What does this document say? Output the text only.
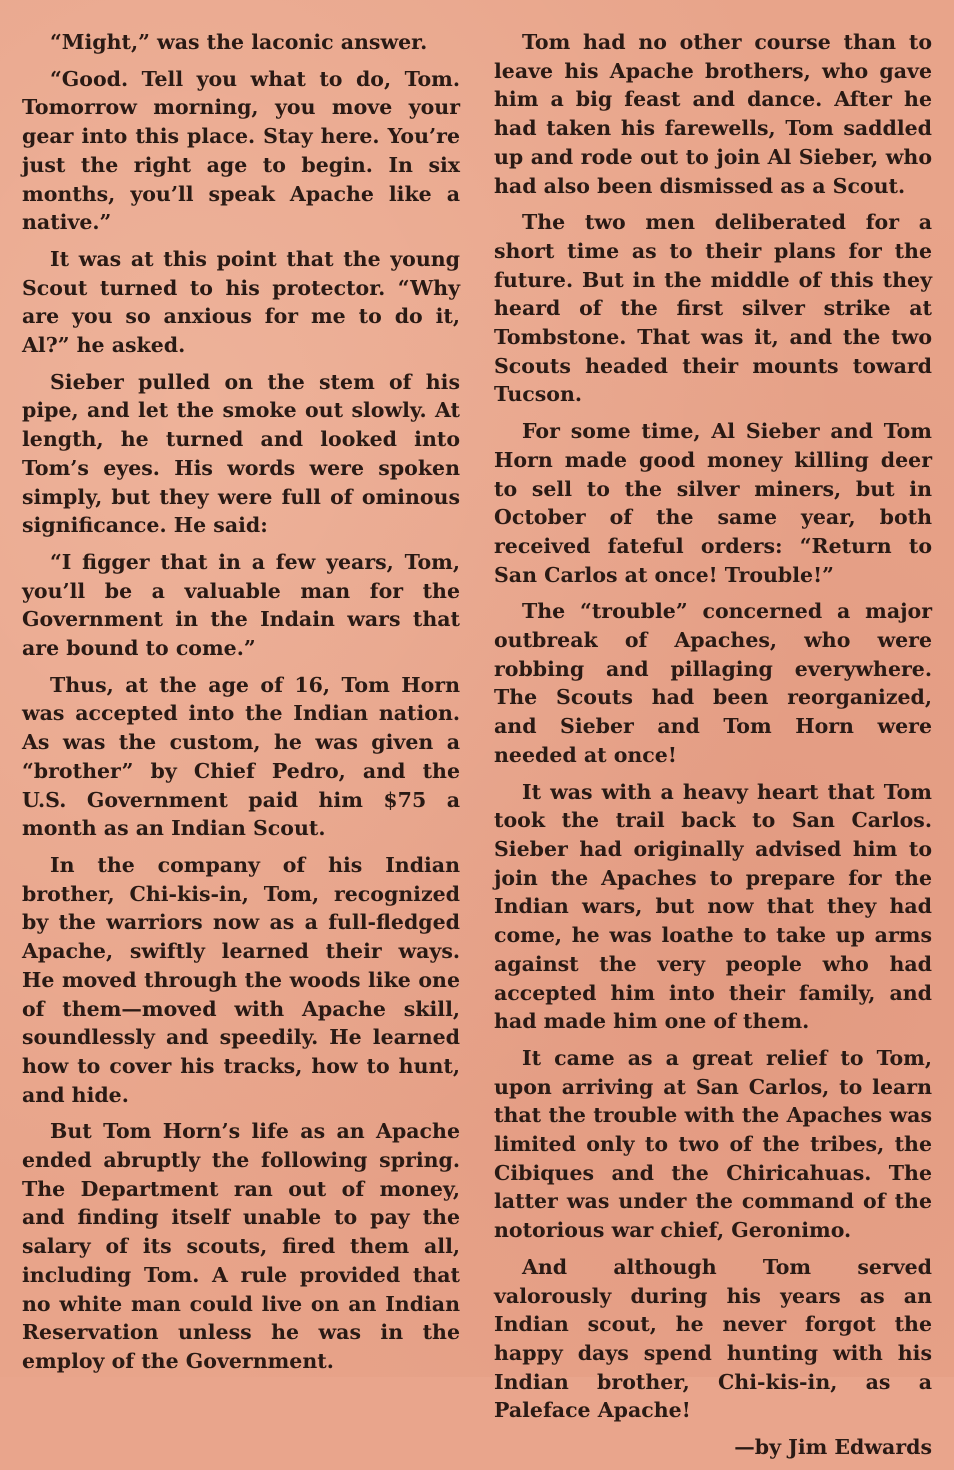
“Might,” was the laconic answer.

“Good. Tell you what to do, Tom. Tomorrow morning, you move your gear into this place. Stay here. You’re just the right age to begin. In six months, you’ll speak Apache like a native.”

It was at this point that the young Scout turned to his protector. “Why are you so anxious for me to do it, Al?” he asked.

Sieber pulled on the stem of his pipe, and let the smoke out slowly. At length, he turned and looked into Tom’s eyes. His words were spoken simply, but they were full of ominous significance. He said:

“I figger that in a few years, Tom, you’ll be a valuable man for the Government in the Indain wars that are bound to come.”

Thus, at the age of 16, Tom Horn was accepted into the Indian nation. As was the custom, he was given a “brother” by Chief Pedro, and the U.S. Government paid him $75 a month as an Indian Scout.

In the company of his Indian brother, Chi-kis-in, Tom, recognized by the warriors now as a full-fledged Apache, swiftly learned their ways. He moved through the woods like one of them—moved with Apache skill, soundlessly and speedily. He learned how to cover his tracks, how to hunt, and hide.

But Tom Horn’s life as an Apache ended abruptly the following spring. The Department ran out of money, and finding itself unable to pay the salary of its scouts, fired them all, including Tom. A rule provided that no white man could live on an Indian Reservation unless he was in the employ of the Government.

Tom had no other course than to leave his Apache brothers, who gave him a big feast and dance. After he had taken his farewells, Tom saddled up and rode out to join Al Sieber, who had also been dismissed as a Scout.

The two men deliberated for a short time as to their plans for the future. But in the middle of this they heard of the first silver strike at Tombstone. That was it, and the two Scouts headed their mounts toward Tucson.

For some time, Al Sieber and Tom Horn made good money killing deer to sell to the silver miners, but in October of the same year, both received fateful orders: “Return to San Carlos at once! Trouble!”

The “trouble” concerned a major outbreak of Apaches, who were robbing and pillaging everywhere. The Scouts had been reorganized, and Sieber and Tom Horn were needed at once!

It was with a heavy heart that Tom took the trail back to San Carlos. Sieber had originally advised him to join the Apaches to prepare for the Indian wars, but now that they had come, he was loathe to take up arms against the very people who had accepted him into their family, and had made him one of them.

It came as a great relief to Tom, upon arriving at San Carlos, to learn that the trouble with the Apaches was limited only to two of the tribes, the Cibiques and the Chiricahuas. The latter was under the command of the notorious war chief, Geronimo.

And although Tom served valorously during his years as an Indian scout, he never forgot the happy days spend hunting with his Indian brother, Chi-kis-in, as a Paleface Apache!

—by Jim Edwards
